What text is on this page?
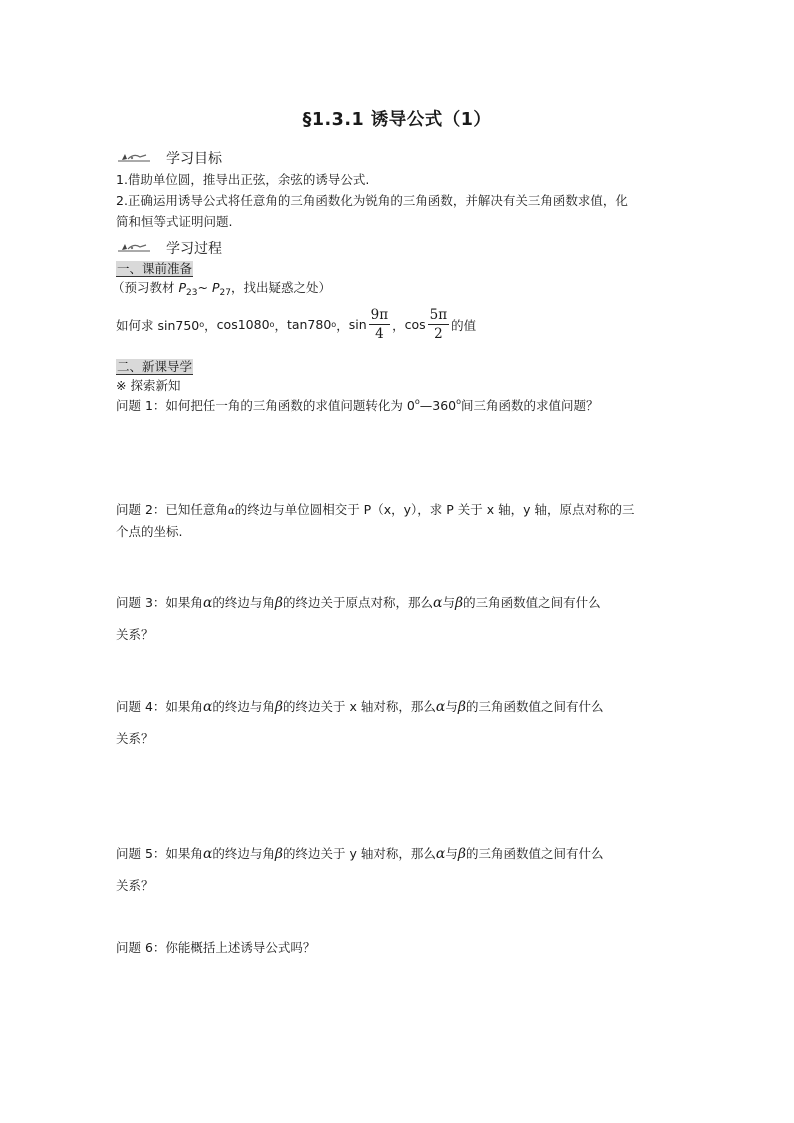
§1.3.1 诱导公式（1）
学习目标
1.借助单位圆，推导出正弦，余弦的诱导公式.
2.正确运用诱导公式将任意角的三角函数化为锐角的三角函数，并解决有关三角函数求值，化
简和恒等式证明问题.
学习过程
一、课前准备
（预习教材 $P_{23}\sim$ $P_{27}$，找出疑惑之处）
如何求 sin750 o ， cos1080 o ， tan780 o ， $\sin \frac{9\pi}{4}$ ， $\cos \frac{5\pi}{2}$ 的值
二、新课导学
※ 探索新知
问题 1：如何把任一角的三角函数的求值问题转化为 0$^o$—360$^o$间三角函数的求值问题？
问题 2：已知任意角α的终边与单位圆相交于 P（x，y），求 P 关于 x 轴，y 轴，原点对称的三
个点的坐标.
问题 3：如果角α的终边与角β的终边关于原点对称，那么α与β的三角函数值之间有什么
关系？
问题 4：如果角α的终边与角β的终边关于 x 轴对称，那么α与β的三角函数值之间有什么
关系？
问题 5：如果角α的终边与角β的终边关于 y 轴对称，那么α与β的三角函数值之间有什么
关系？
问题 6：你能概括上述诱导公式吗？
